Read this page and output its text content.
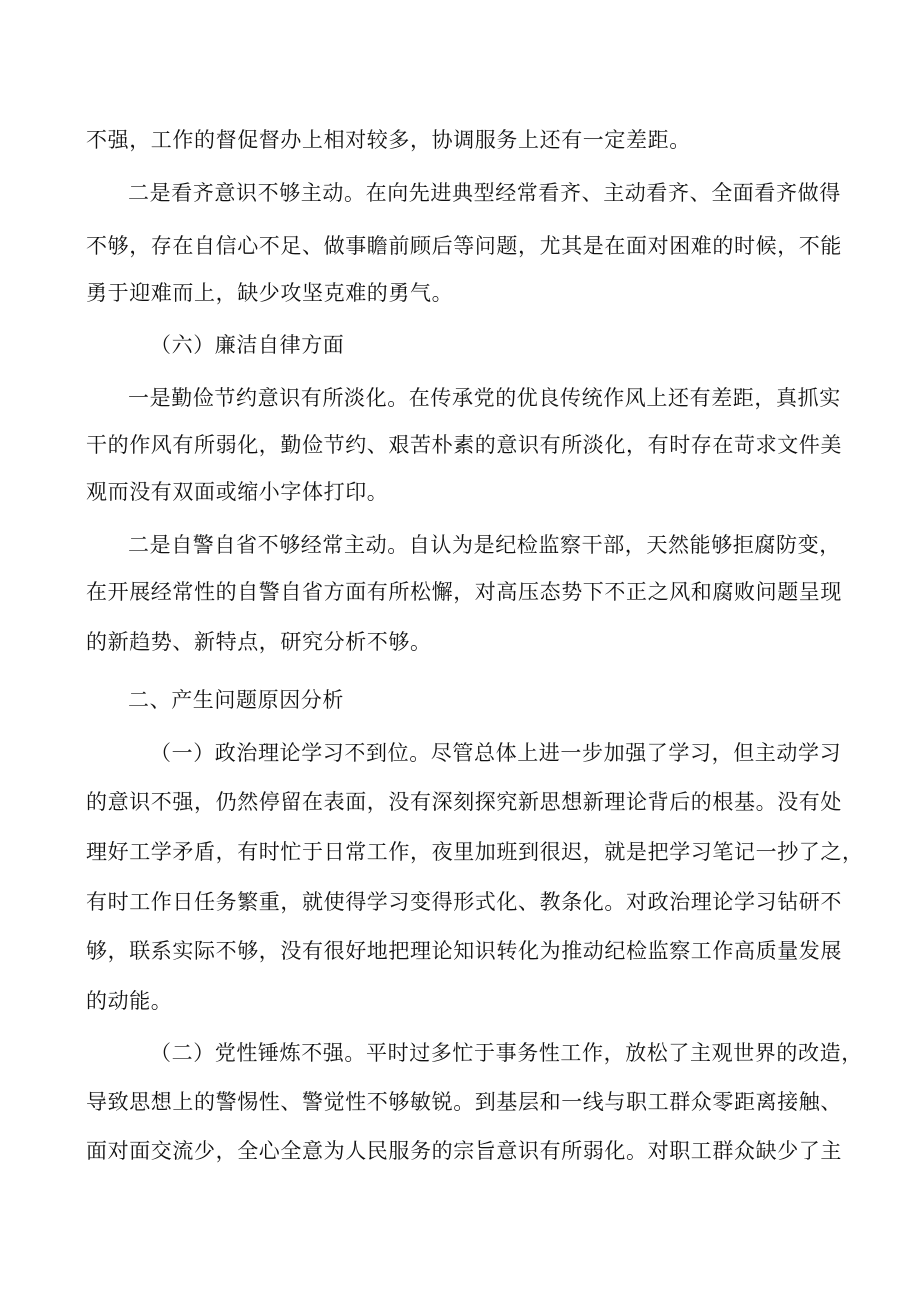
不强，工作的督促督办上相对较多，协调服务上还有一定差距。
二是看齐意识不够主动。在向先进典型经常看齐、主动看齐、全面看齐做得
不够，存在自信心不足、做事瞻前顾后等问题，尤其是在面对困难的时候，不能
勇于迎难而上，缺少攻坚克难的勇气。
（六）廉洁自律方面
一是勤俭节约意识有所淡化。在传承党的优良传统作风上还有差距，真抓实
干的作风有所弱化，勤俭节约、艰苦朴素的意识有所淡化，有时存在苛求文件美
观而没有双面或缩小字体打印。
二是自警自省不够经常主动。自认为是纪检监察干部，天然能够拒腐防变，
在开展经常性的自警自省方面有所松懈，对高压态势下不正之风和腐败问题呈现
的新趋势、新特点，研究分析不够。
二、产生问题原因分析
（一）政治理论学习不到位。尽管总体上进一步加强了学习，但主动学习
的意识不强，仍然停留在表面，没有深刻探究新思想新理论背后的根基。没有处
理好工学矛盾，有时忙于日常工作，夜里加班到很迟，就是把学习笔记一抄了之，
有时工作日任务繁重，就使得学习变得形式化、教条化。对政治理论学习钻研不
够，联系实际不够，没有很好地把理论知识转化为推动纪检监察工作高质量发展
的动能。
（二）党性锤炼不强。平时过多忙于事务性工作，放松了主观世界的改造，
导致思想上的警惕性、警觉性不够敏锐。到基层和一线与职工群众零距离接触、
面对面交流少，全心全意为人民服务的宗旨意识有所弱化。对职工群众缺少了主
